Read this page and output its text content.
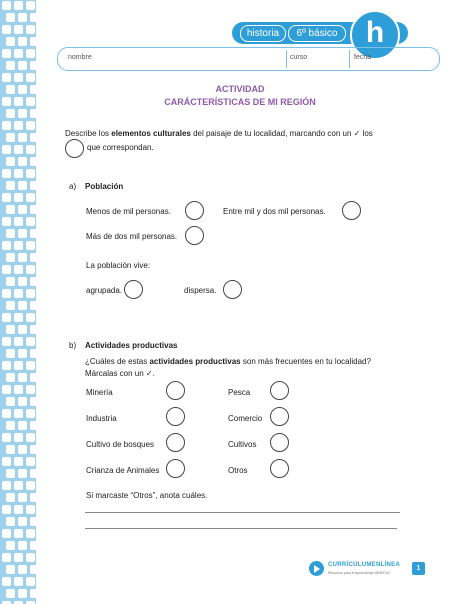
historia	6º básico h
nombre	curso	fecha
ACTIVIDAD
CARÁCTERÍSTICAS DE MI REGIÓN
Describe los elementos culturales del paisaje de tu localidad, marcando con un ✓ los
que correspondan.
a) Población
Menos de mil personas.	Entre mil y dos mil personas.
Más de dos mil personas.
La población vive:
agrupada.	dispersa.
b) Actividades productivas
¿Cuáles de estas actividades productivas son más frecuentes en tu localidad?
Márcalas con un ✓.
Minería	Pesca
Industria	Comercio
Cultivo de bosques	Cultivos
Crianza de Animales	Otros
Si marcaste “Otros”, anota cuáles.
CURRÍCULUMENLÍNEA
Recursos para el aprendizaje MINEDUC
1
